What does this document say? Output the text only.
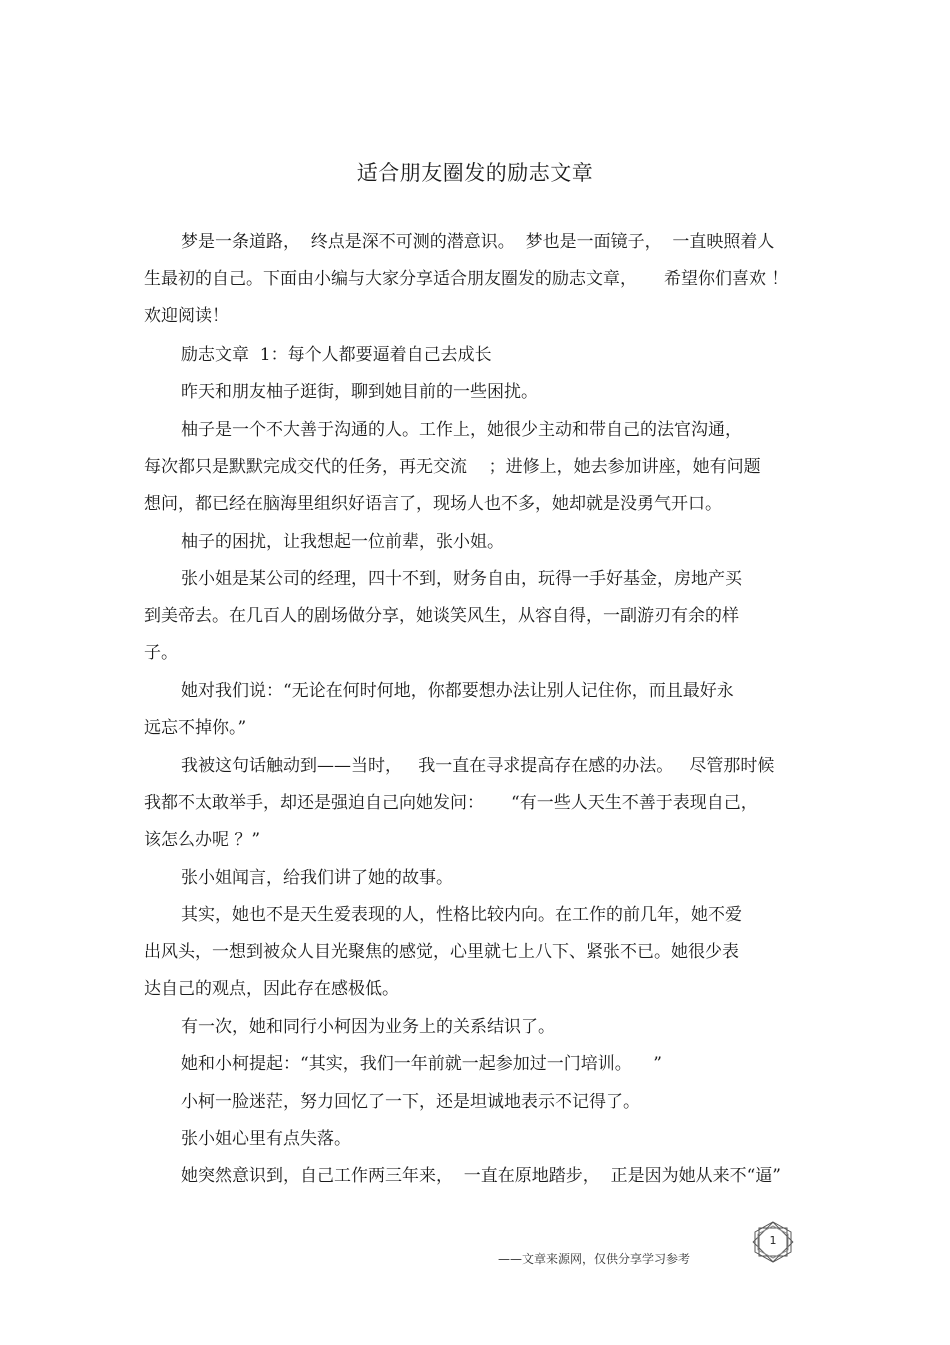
适合朋友圈发的励志文章
梦是一条道路，  终点是深不可测的潜意识。  梦也是一面镜子，  一直映照着人
生最初的自己。下面由小编与大家分享适合朋友圈发的励志文章，     希望你们喜欢 ！
欢迎阅读！
励志文章  1：每个人都要逼着自己去成长
昨天和朋友柚子逛街，聊到她目前的一些困扰。
柚子是一个不大善于沟通的人。工作上，她很少主动和带自己的法官沟通，
每次都只是默默完成交代的任务，再无交流    ；进修上，她去参加讲座，她有问题
想问，都已经在脑海里组织好语言了，现场人也不多，她却就是没勇气开口。
柚子的困扰，让我想起一位前辈，张小姐。
张小姐是某公司的经理，四十不到，财务自由，玩得一手好基金，房地产买
到美帝去。在几百人的剧场做分享，她谈笑风生，从容自得，一副游刃有余的样
子。
她对我们说：“无论在何时何地，你都要想办法让别人记住你，而且最好永
远忘不掉你。”
我被这句话触动到——当时，   我一直在寻求提高存在感的办法。   尽管那时候
我都不太敢举手，却还是强迫自己向她发问：     “有一些人天生不善于表现自己，
该怎么办呢 ？”
张小姐闻言，给我们讲了她的故事。
其实，她也不是天生爱表现的人，性格比较内向。在工作的前几年，她不爱
出风头，一想到被众人目光聚焦的感觉，心里就七上八下、紧张不已。她很少表
达自己的观点，因此存在感极低。
有一次，她和同行小柯因为业务上的关系结识了。
她和小柯提起：“其实，我们一年前就一起参加过一门培训。    ”
小柯一脸迷茫，努力回忆了一下，还是坦诚地表示不记得了。
张小姐心里有点失落。
她突然意识到，自己工作两三年来，  一直在原地踏步，  正是因为她从来不“逼”
——文章来源网，仅供分享学习参考
1
